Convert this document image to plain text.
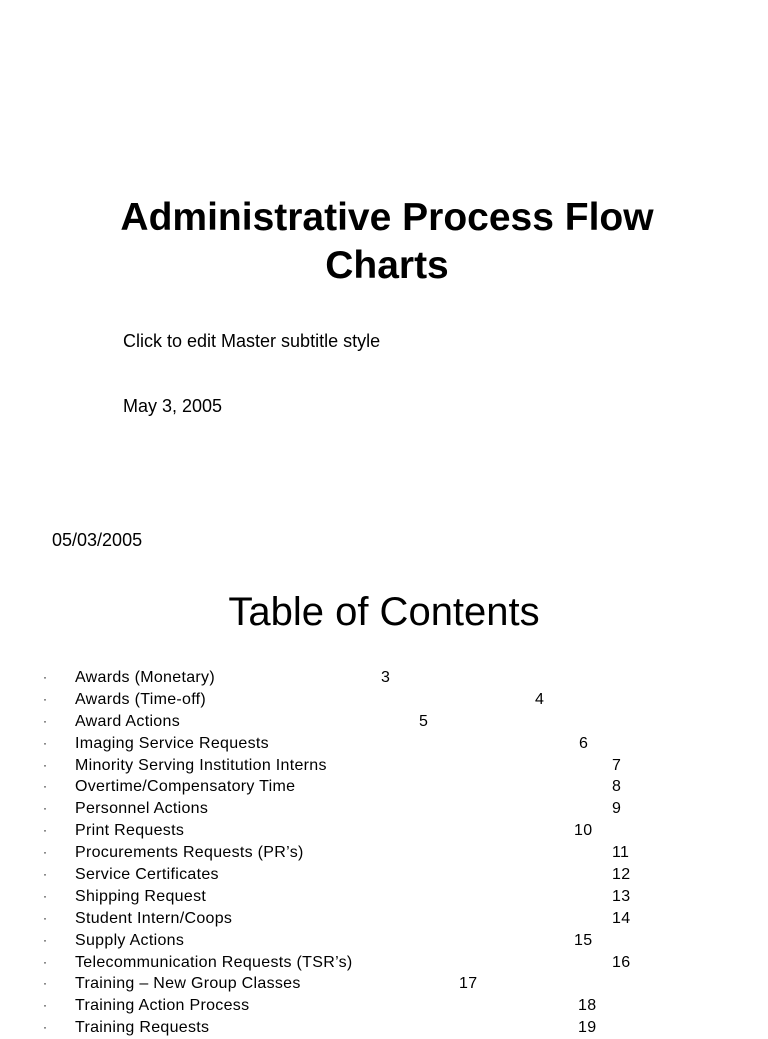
Administrative Process Flow Charts
Click to edit Master subtitle style
May 3, 2005
05/03/2005
Table of Contents
· Awards (Monetary)	3
· Awards (Time-off)	4
· Award Actions	5
· Imaging Service Requests	6
· Minority Serving Institution Interns	7
· Overtime/Compensatory Time	8
· Personnel Actions	9
· Print Requests	10
· Procurements Requests (PR’s)	11
· Service Certificates	12
· Shipping Request	13
· Student Intern/Coops	14
· Supply Actions	15
· Telecommunication Requests (TSR’s)	16
· Training – New Group Classes	17
· Training Action Process	18
· Training Requests	19
